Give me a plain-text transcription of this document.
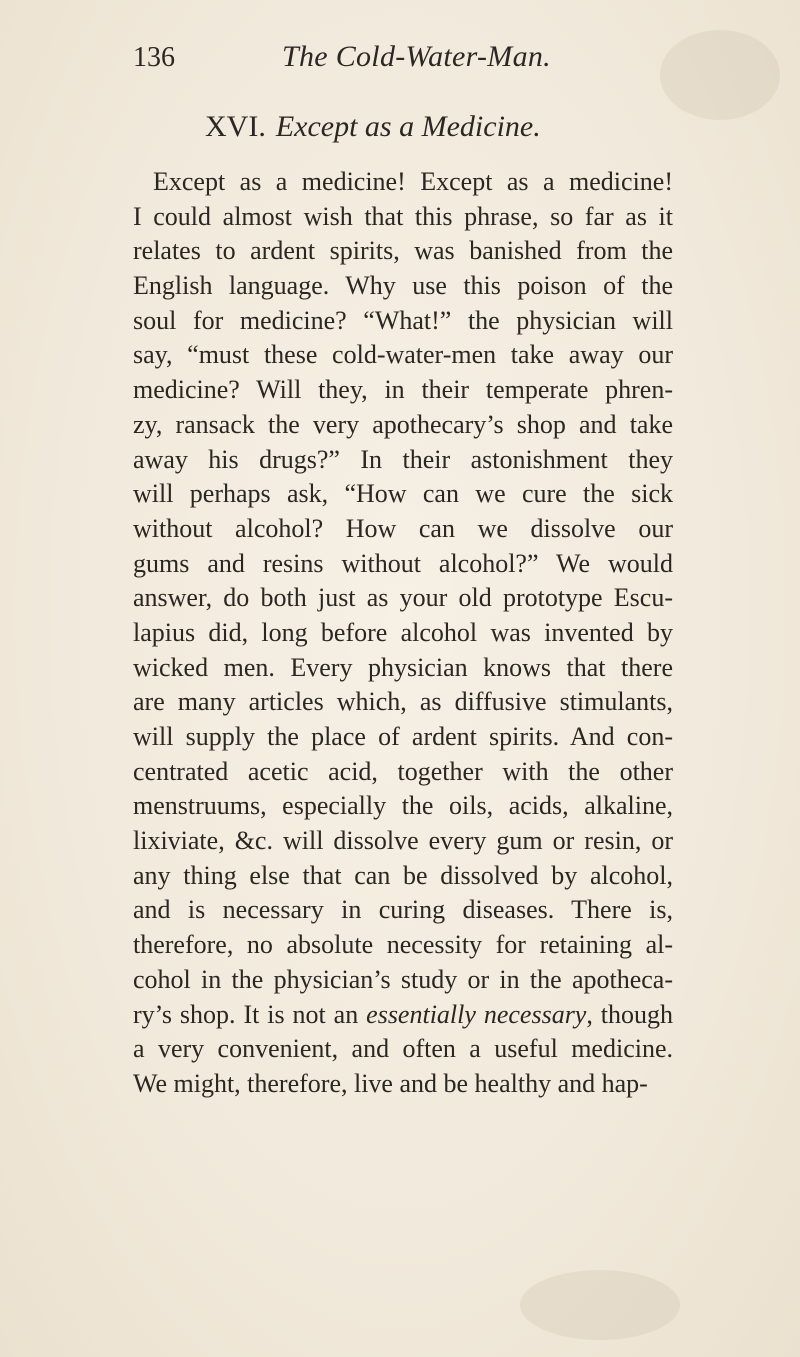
136	The Cold-Water-Man.
XVI. Except as a Medicine.
Except as a medicine! Except as a medicine!
I could almost wish that this phrase, so far as it
relates to ardent spirits, was banished from the
English language. Why use this poison of the
soul for medicine? “What!” the physician will
say, “must these cold-water-men take away our
medicine? Will they, in their temperate phren-
zy, ransack the very apothecary’s shop and take
away his drugs?” In their astonishment they
will perhaps ask, “How can we cure the sick
without alcohol? How can we dissolve our
gums and resins without alcohol?” We would
answer, do both just as your old prototype Escu-
lapius did, long before alcohol was invented by
wicked men. Every physician knows that there
are many articles which, as diffusive stimulants,
will supply the place of ardent spirits. And con-
centrated acetic acid, together with the other
menstruums, especially the oils, acids, alkaline,
lixiviate, &c. will dissolve every gum or resin, or
any thing else that can be dissolved by alcohol,
and is necessary in curing diseases. There is,
therefore, no absolute necessity for retaining al-
cohol in the physician’s study or in the apotheca-
ry’s shop. It is not an essentially necessary, though
a very convenient, and often a useful medicine.
We might, therefore, live and be healthy and hap-
